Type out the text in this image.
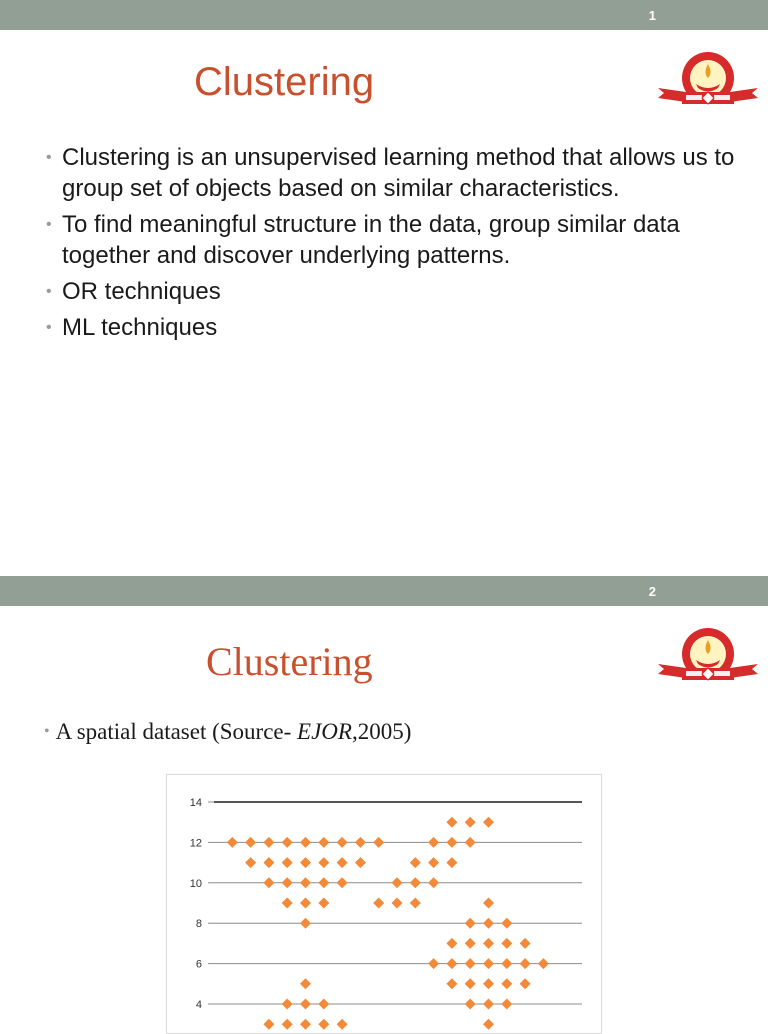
1
Clustering
• Clustering is an unsupervised learning method that allows us to group set of objects based on similar characteristics.
• To find meaningful structure in the data, group similar data together and discover underlying patterns.
• OR techniques
• ML techniques
2
Clustering
• A spatial dataset (Source- EJOR,2005)
4
6
8
10
12
14
